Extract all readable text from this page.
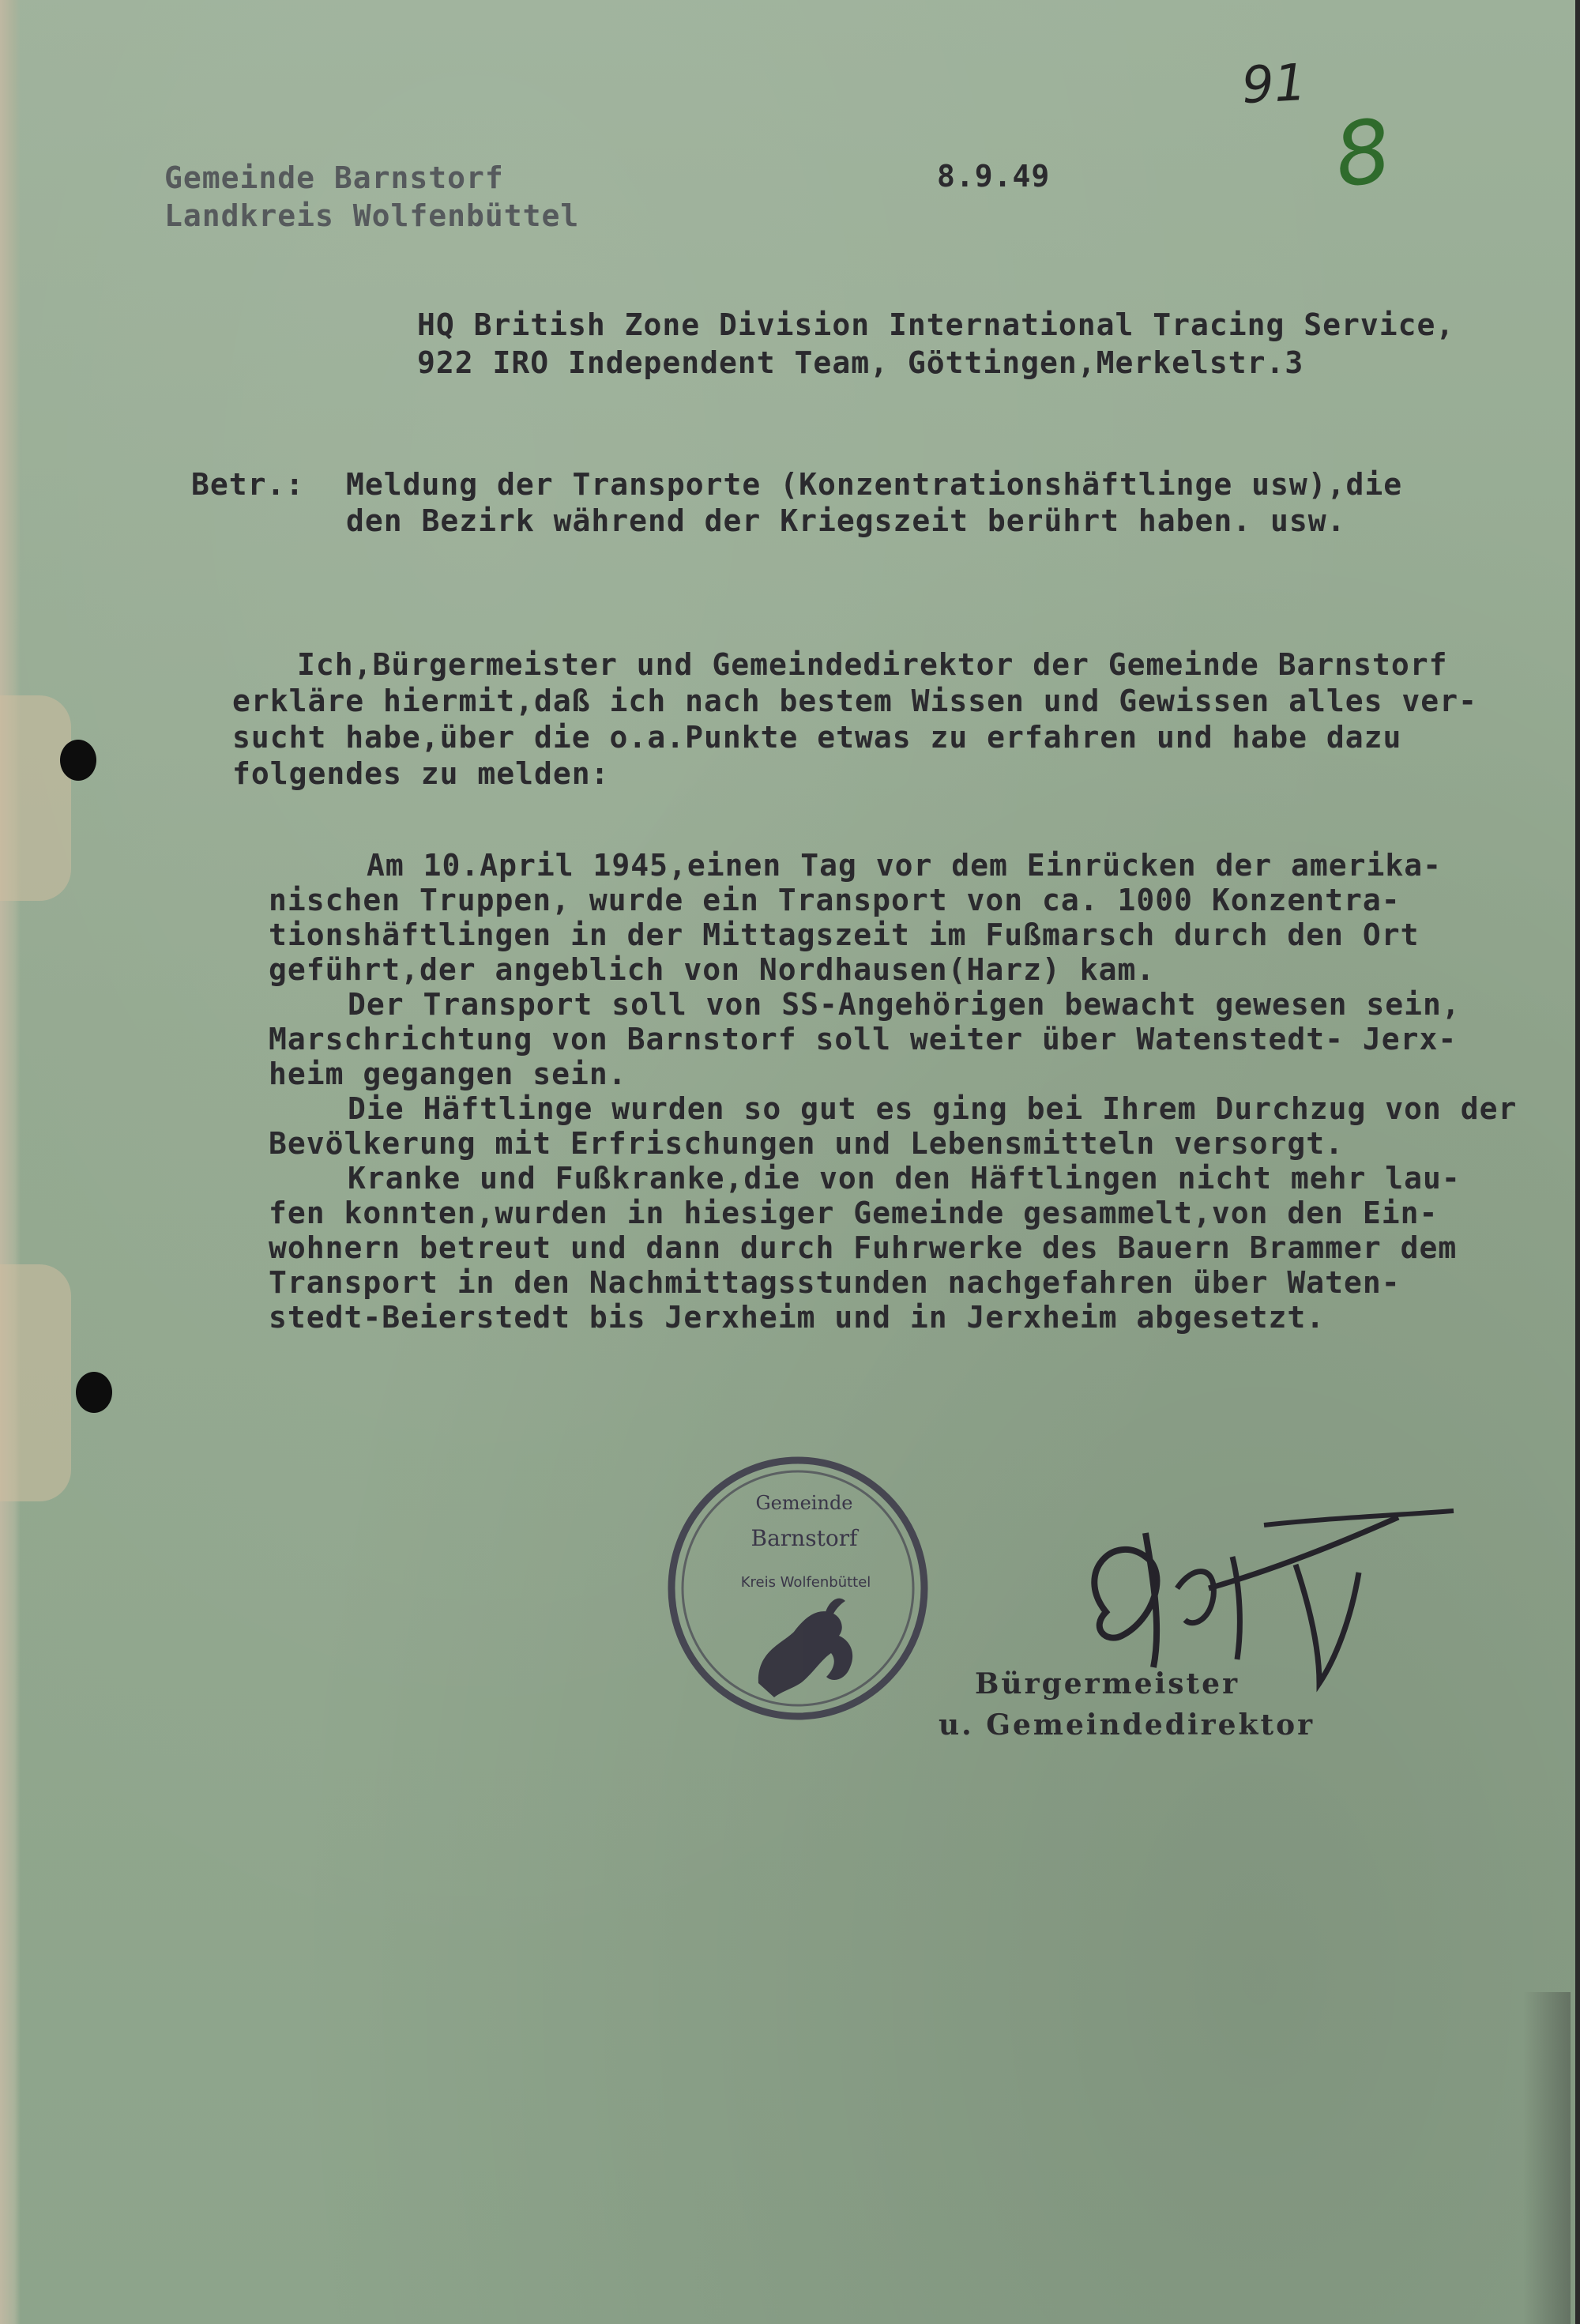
91
8
Gemeinde Barnstorf
Landkreis Wolfenbüttel
8.9.49
HQ British Zone Division International Tracing Service,
922 IRO Independent Team, Göttingen,Merkelstr.3
Betr.: Meldung der Transporte (Konzentrationshäftlinge usw),die
den Bezirk während der Kriegszeit berührt haben. usw.
Ich,Bürgermeister und Gemeindedirektor der Gemeinde Barnstorf
erkläre hiermit,daß ich nach bestem Wissen und Gewissen alles ver-
sucht habe,über die o.a.Punkte etwas zu erfahren und habe dazu
folgendes zu melden:
Am 10.April 1945,einen Tag vor dem Einrücken der amerika-
nischen Truppen, wurde ein Transport von ca. 1000 Konzentra-
tionshäftlingen in der Mittagszeit im Fußmarsch durch den Ort
geführt,der angeblich von Nordhausen(Harz) kam.
Der Transport soll von SS-Angehörigen bewacht gewesen sein,
Marschrichtung von Barnstorf soll weiter über Watenstedt- Jerx-
heim gegangen sein.
Die Häftlinge wurden so gut es ging bei Ihrem Durchzug von der
Bevölkerung mit Erfrischungen und Lebensmitteln versorgt.
Kranke und Fußkranke,die von den Häftlingen nicht mehr lau-
fen konnten,wurden in hiesiger Gemeinde gesammelt,von den Ein-
wohnern betreut und dann durch Fuhrwerke des Bauern Brammer dem
Transport in den Nachmittagsstunden nachgefahren über Waten-
stedt-Beierstedt bis Jerxheim und in Jerxheim abgesetzt.
Gemeinde
Barnstorf
Kreis Wolfenbüttel
Bürgermeister
u. Gemeindedirektor
